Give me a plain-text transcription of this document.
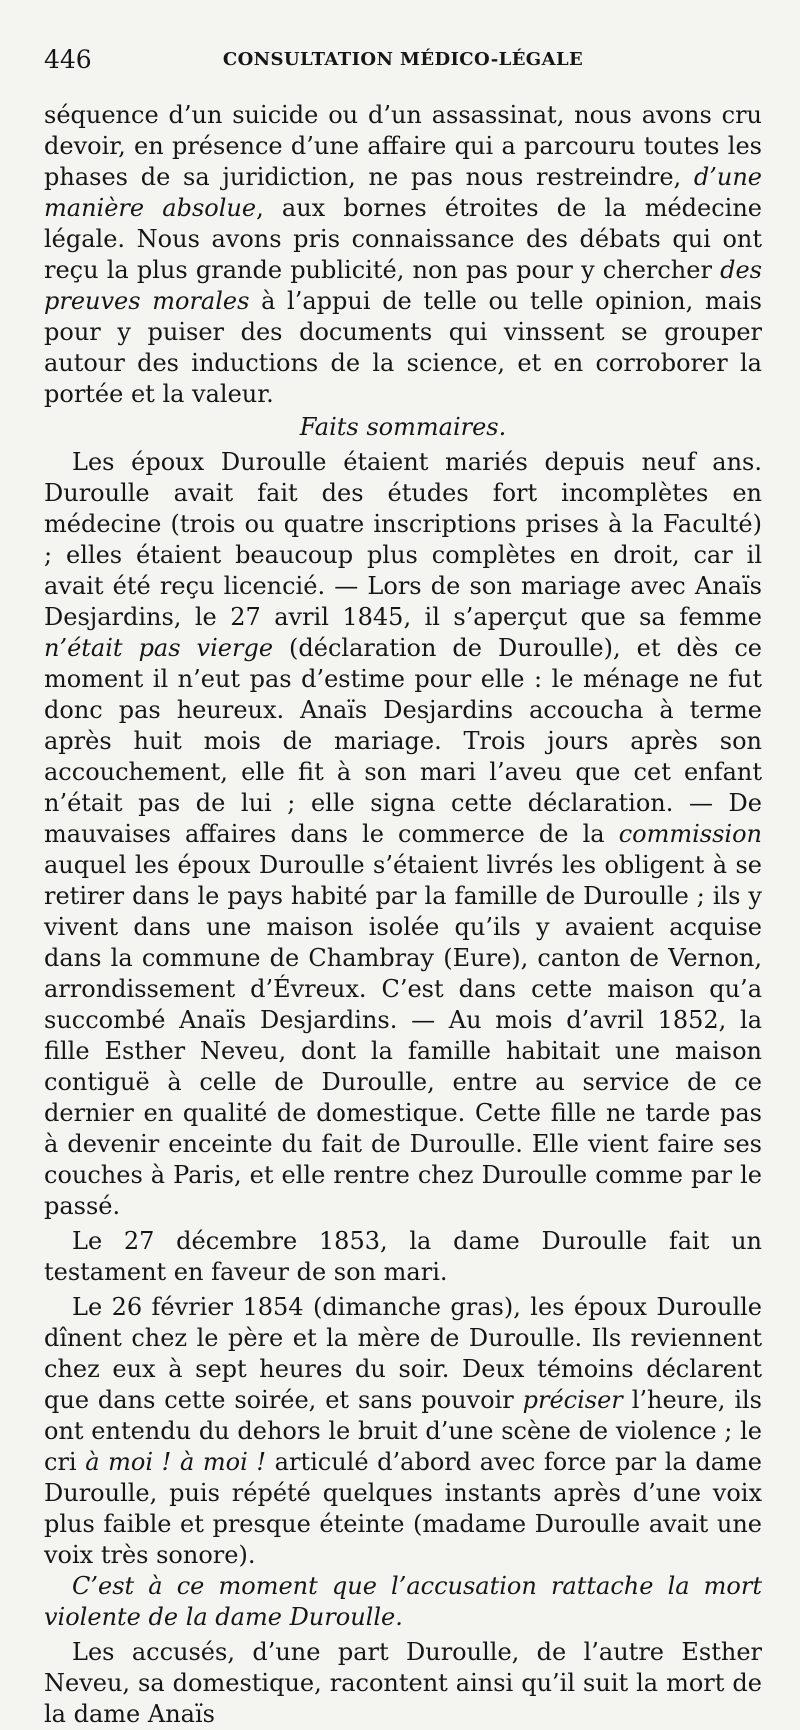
446	CONSULTATION MÉDICO-LÉGALE

séquence d’un suicide ou d’un assassinat, nous avons cru devoir, en présence d’une affaire qui a parcouru toutes les phases de sa juridiction, ne pas nous restreindre, d’une manière absolue, aux bornes étroites de la médecine légale. Nous avons pris connaissance des débats qui ont reçu la plus grande publicité, non pas pour y chercher des preuves morales à l’appui de telle ou telle opinion, mais pour y puiser des documents qui vinssent se grouper autour des inductions de la science, et en corroborer la portée et la valeur.

Faits sommaires.

Les époux Duroulle étaient mariés depuis neuf ans. Duroulle avait fait des études fort incomplètes en médecine (trois ou quatre inscriptions prises à la Faculté) ; elles étaient beaucoup plus complètes en droit, car il avait été reçu licencié. — Lors de son mariage avec Anaïs Desjardins, le 27 avril 1845, il s’aperçut que sa femme n’était pas vierge (déclaration de Duroulle), et dès ce moment il n’eut pas d’estime pour elle : le ménage ne fut donc pas heureux. Anaïs Desjardins accoucha à terme après huit mois de mariage. Trois jours après son accouchement, elle fit à son mari l’aveu que cet enfant n’était pas de lui ; elle signa cette déclaration. — De mauvaises affaires dans le commerce de la commission auquel les époux Duroulle s’étaient livrés les obligent à se retirer dans le pays habité par la famille de Duroulle ; ils y vivent dans une maison isolée qu’ils y avaient acquise dans la commune de Chambray (Eure), canton de Vernon, arrondissement d’Évreux. C’est dans cette maison qu’a succombé Anaïs Desjardins. — Au mois d’avril 1852, la fille Esther Neveu, dont la famille habitait une maison contiguë à celle de Duroulle, entre au service de ce dernier en qualité de domestique. Cette fille ne tarde pas à devenir enceinte du fait de Duroulle. Elle vient faire ses couches à Paris, et elle rentre chez Duroulle comme par le passé.

Le 27 décembre 1853, la dame Duroulle fait un testament en faveur de son mari.

Le 26 février 1854 (dimanche gras), les époux Duroulle dînent chez le père et la mère de Duroulle. Ils reviennent chez eux à sept heures du soir. Deux témoins déclarent que dans cette soirée, et sans pouvoir préciser l’heure, ils ont entendu du dehors le bruit d’une scène de violence ; le cri à moi ! à moi ! articulé d’abord avec force par la dame Duroulle, puis répété quelques instants après d’une voix plus faible et presque éteinte (madame Duroulle avait une voix très sonore).

C’est à ce moment que l’accusation rattache la mort violente de la dame Duroulle.

Les accusés, d’une part Duroulle, de l’autre Esther Neveu, sa domestique, racontent ainsi qu’il suit la mort de la dame Anaïs
